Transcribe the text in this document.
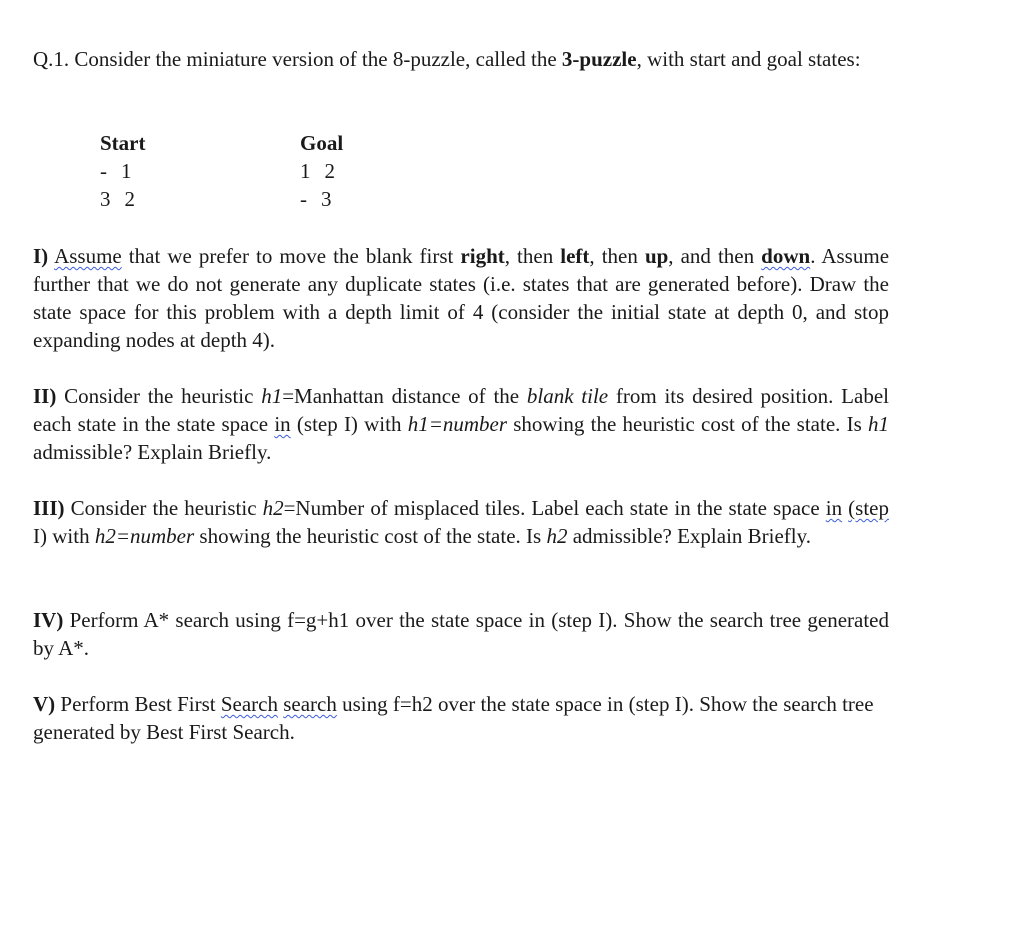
Q.1. Consider the miniature version of the 8-puzzle, called the 3-puzzle, with start and goal states:
Start
- 1
3 2
Goal
1 2
- 3
I) Assume that we prefer to move the blank first right, then left, then up, and then down. Assume further that we do not generate any duplicate states (i.e. states that are generated before). Draw the state space for this problem with a depth limit of 4 (consider the initial state at depth 0, and stop expanding nodes at depth 4).
II) Consider the heuristic h1=Manhattan distance of the blank tile from its desired position. Label each state in the state space in (step I) with h1=number showing the heuristic cost of the state. Is h1 admissible? Explain Briefly.
III) Consider the heuristic h2=Number of misplaced tiles. Label each state in the state space in (step I) with h2=number showing the heuristic cost of the state. Is h2 admissible? Explain Briefly.
IV) Perform A* search using f=g+h1 over the state space in (step I). Show the search tree generated by A*.
V) Perform Best First Search search using f=h2 over the state space in (step I). Show the search tree generated by Best First Search.
